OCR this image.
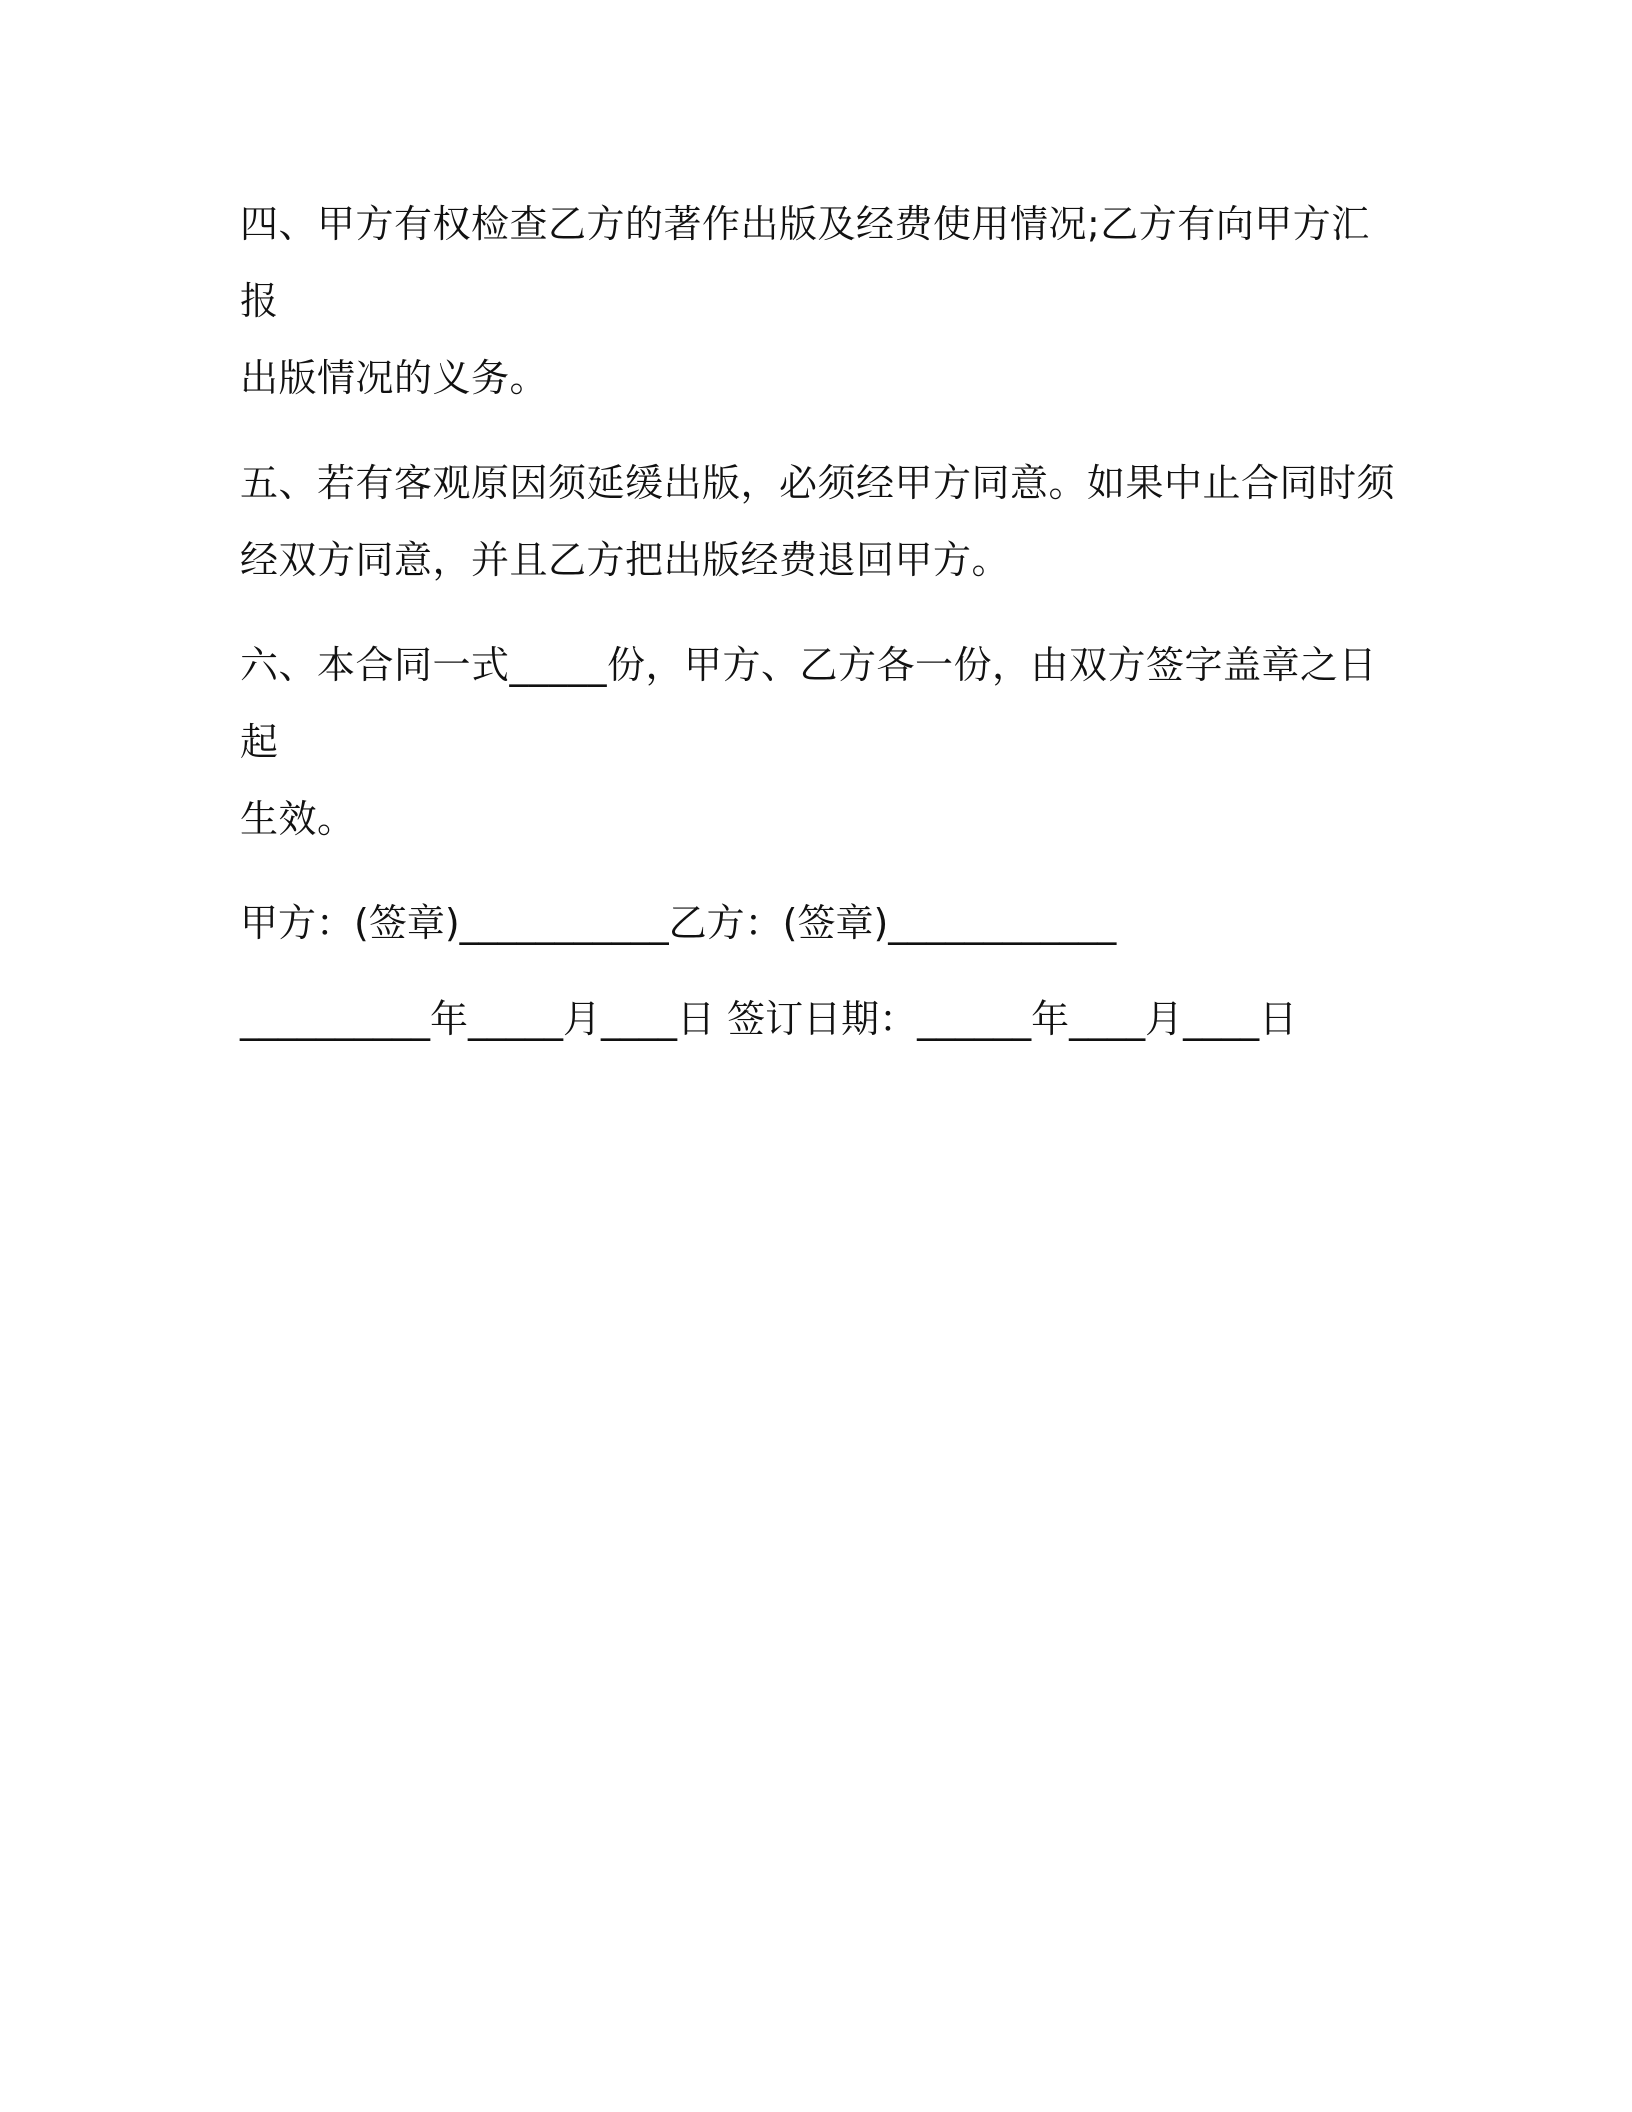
四、甲方有权检查乙方的著作出版及经费使用情况;乙方有向甲方汇报
出版情况的义务。

五、若有客观原因须延缓出版，必须经甲方同意。如果中止合同时须
经双方同意，并且乙方把出版经费退回甲方。

六、本合同一式_____份，甲方、乙方各一份，由双方签字盖章之日起
生效。

甲方：(签章)___________乙方：(签章)____________

__________年_____月____日 签订日期：______年____月____日
